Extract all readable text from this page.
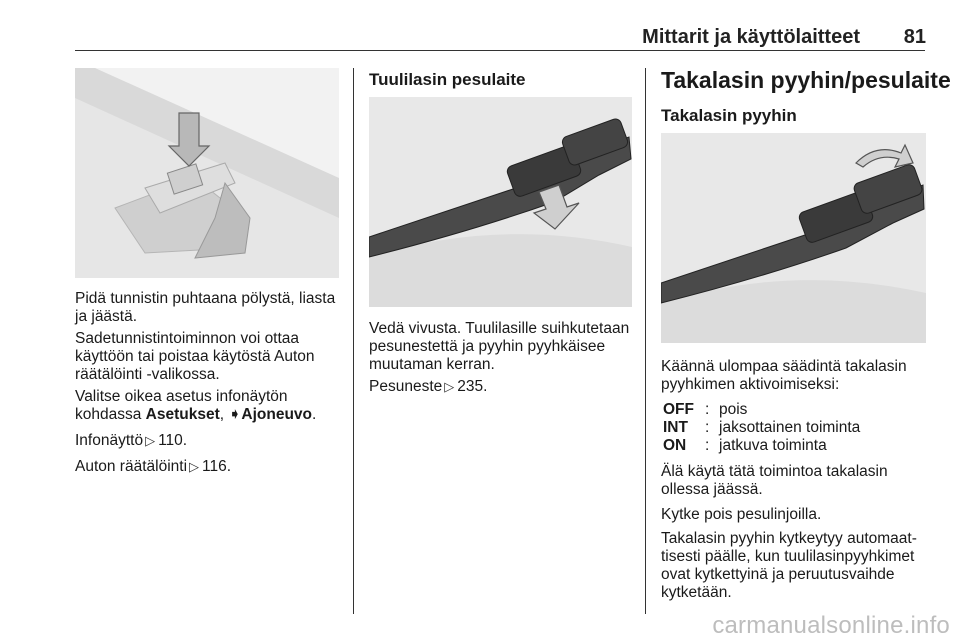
Mittarit ja käyttölaitteet	81

Pidä tunnistin puhtaana pölystä, liasta ja jäästä.

Sadetunnistintoiminnon voi ottaa käyttöön tai poistaa käytöstä Auton räätälöinti -valikossa.

Valitse oikea asetus infonäytön kohdassa Asetukset, ➧Ajoneuvo.

Infonäyttö ▷ 110.

Auton räätälöinti ▷ 116.

Tuulilasin pesulaite

Vedä vivusta. Tuulilasille suihkutetaan pesunestettä ja pyyhin pyyhkäisee muutaman kerran.

Pesuneste ▷ 235.

Takalasin pyyhin/pesulaite
Takalasin pyyhin

Käännä ulompaa säädintä takalasin pyyhkimen aktivoimiseksi:

OFF : pois
INT : jaksottainen toiminta
ON : jatkuva toiminta

Älä käytä tätä toimintoa takalasin ollessa jäässä.

Kytke pois pesulinjoilla.

Takalasin pyyhin kytkeytyy automaattisesti päälle, kun tuulilasinpyyhkimet ovat kytkettyinä ja peruutusvaihde kytketään.

carmanualsonline.info
